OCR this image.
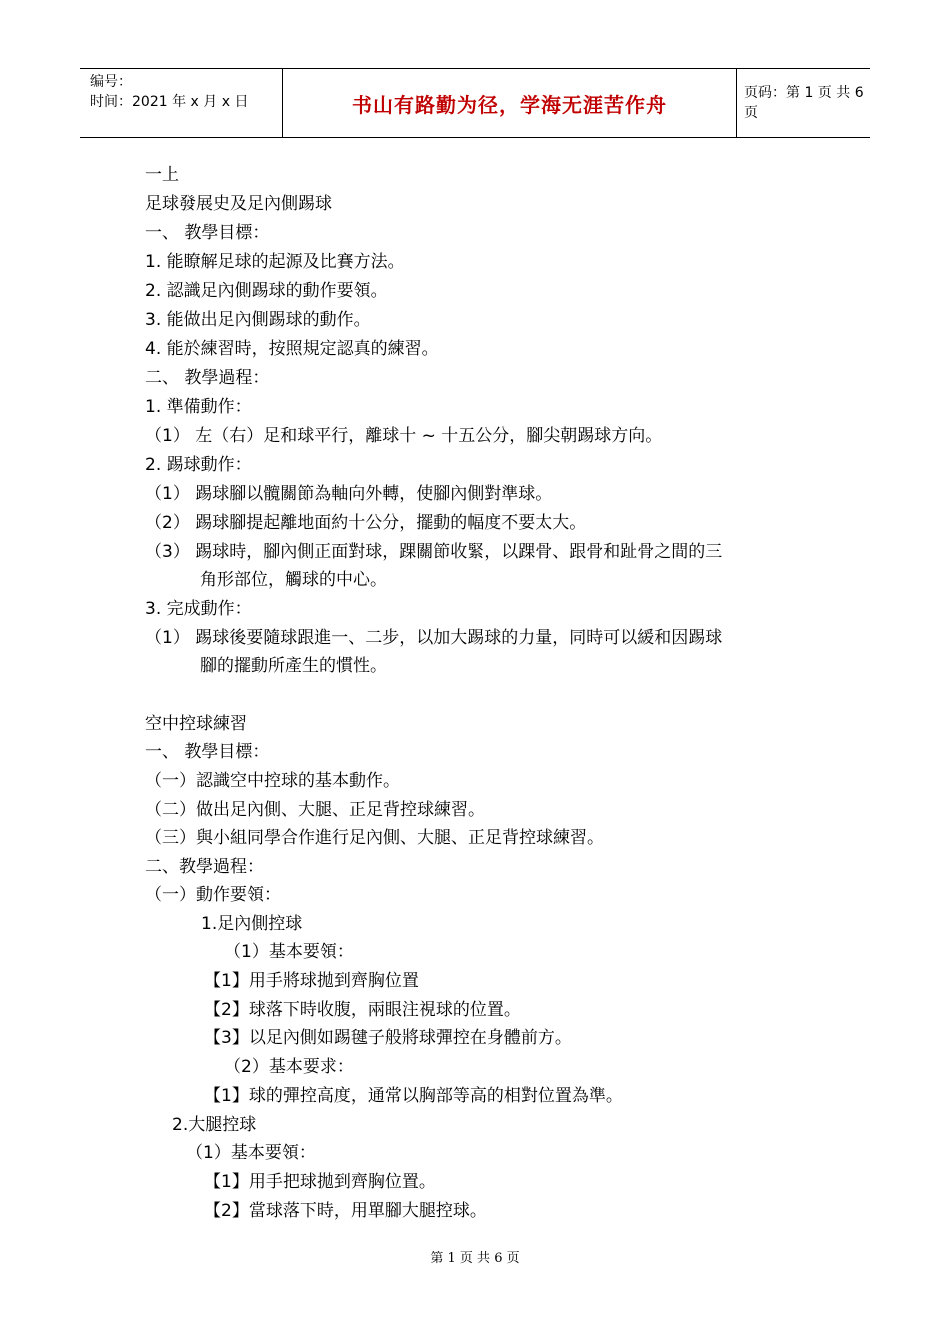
编号：
时间：2021 年 x 月 x 日	书山有路勤为径，学海无涯苦作舟	页码：第 1 页 共 6 页
一上
足球發展史及足內側踢球
一、 教學目標：
1. 能瞭解足球的起源及比賽方法。
2. 認識足內側踢球的動作要領。
3. 能做出足內側踢球的動作。
4. 能於練習時，按照規定認真的練習。
二、 教學過程：
1. 準備動作：
（1） 左（右）足和球平行，離球十 ~ 十五公分，腳尖朝踢球方向。
2. 踢球動作：
（1） 踢球腳以髖關節為軸向外轉，使腳內側對準球。
（2） 踢球腳提起離地面約十公分，擺動的幅度不要太大。
（3） 踢球時，腳內側正面對球，踝關節收緊，以踝骨、跟骨和趾骨之間的三
角形部位，觸球的中心。
3. 完成動作：
（1） 踢球後要隨球跟進一、二步，以加大踢球的力量，同時可以緩和因踢球
腳的擺動所產生的慣性。
空中控球練習
一、 教學目標：
（一）認識空中控球的基本動作。
（二）做出足內側、大腿、正足背控球練習。
（三）與小組同學合作進行足內側、大腿、正足背控球練習。
二、教學過程：
（一）動作要領：
1.足內側控球
（1）基本要領：
【1】用手將球拋到齊胸位置
【2】球落下時收腹，兩眼注視球的位置。
【3】以足內側如踢毽子般將球彈控在身體前方。
（2）基本要求：
【1】球的彈控高度，通常以胸部等高的相對位置為準。
2.大腿控球
（1）基本要領：
【1】用手把球拋到齊胸位置。
【2】當球落下時，用單腳大腿控球。
第 1 页 共 6 页
